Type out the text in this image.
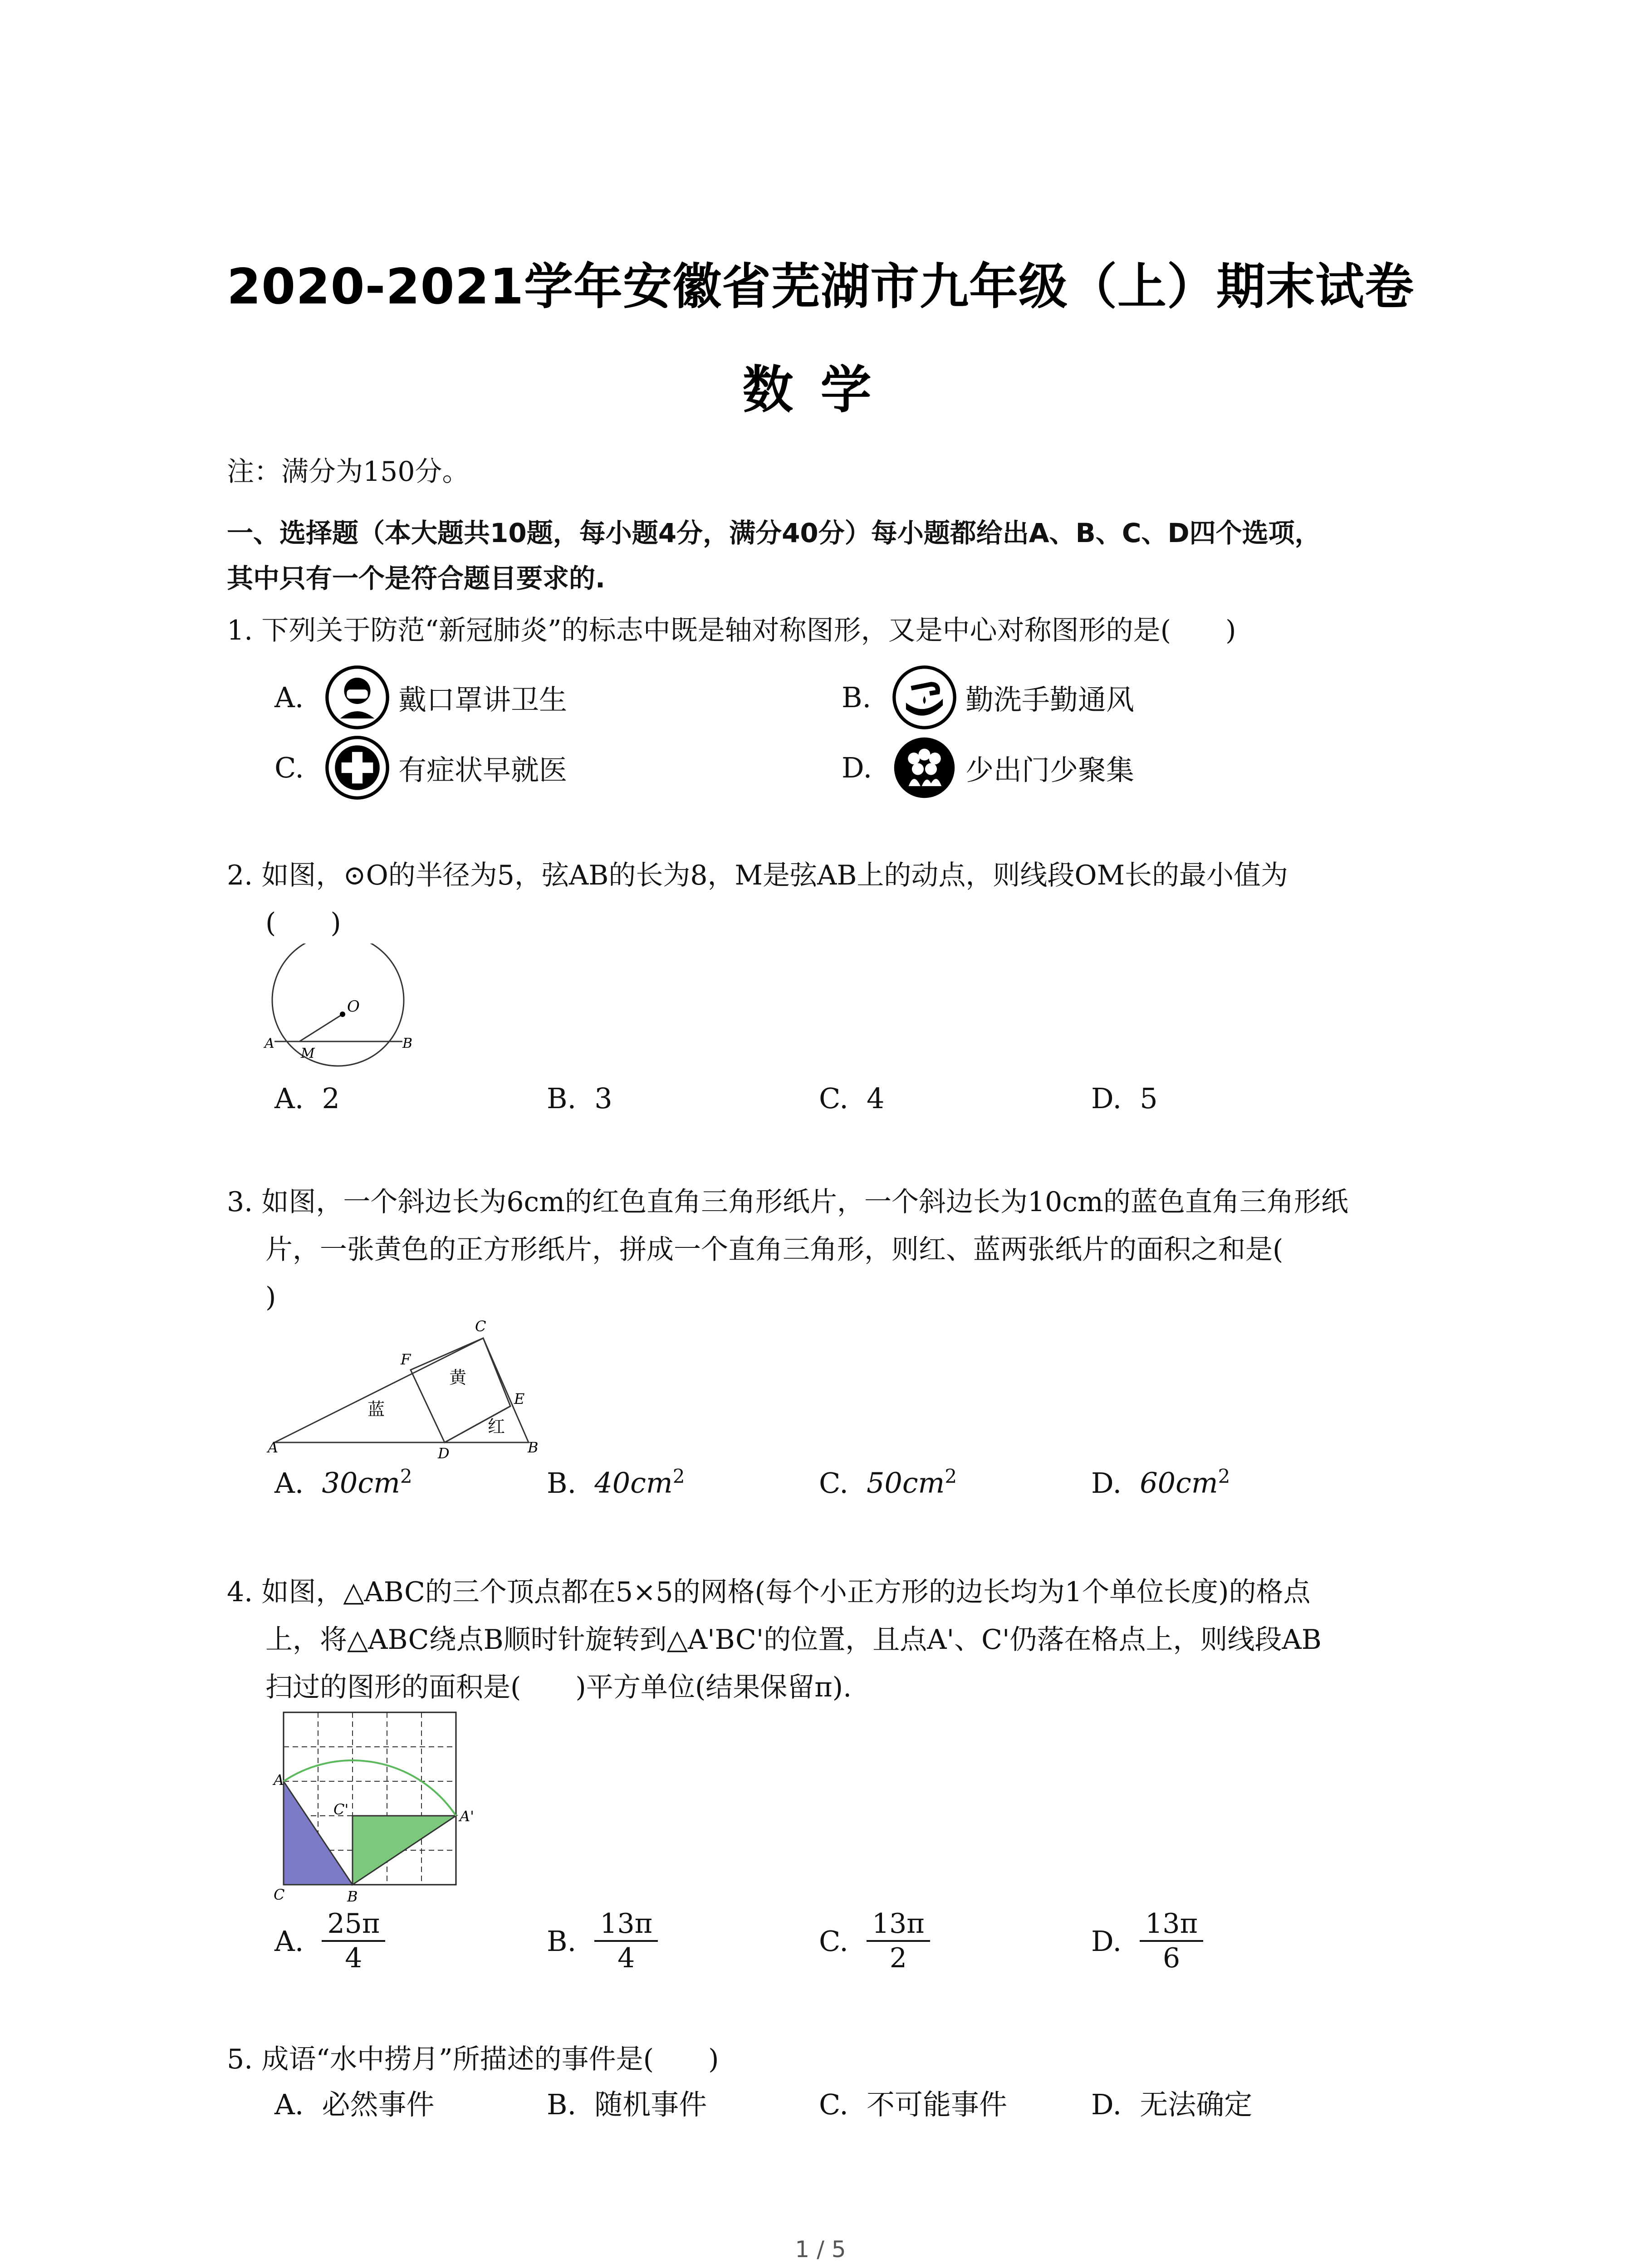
2020-2021学年安徽省芜湖市九年级（上）期末试卷
数学
注：满分为150分。
一、选择题（本大题共10题，每小题4分，满分40分）每小题都给出A、B、C、D四个选项，
其中只有一个是符合题目要求的.
1. 下列关于防范“新冠肺炎”的标志中既是轴对称图形，又是中心对称图形的是(　　)
A.	戴口罩讲卫生	B.	勤洗手勤通风
C.	有症状早就医	D.	少出门少聚集
2. 如图，⊙O的半径为5，弦AB的长为8，M是弦AB上的动点，则线段OM长的最小值为
(　　)
O
A	B
M
A. 2	B. 3	C. 4	D. 5
3. 如图，一个斜边长为6cm的红色直角三角形纸片，一个斜边长为10cm的蓝色直角三角形纸
片，一张黄色的正方形纸片，拼成一个直角三角形，则红、蓝两张纸片的面积之和是(
)
A	B
C
D
E
F
蓝
黄
红
A. $30cm^2$	B. $40cm^2$	C. $50cm^2$	D. $60cm^2$
4. 如图，△ABC的三个顶点都在5×5的网格(每个小正方形的边长均为1个单位长度)的格点
上，将△ABC绕点B顺时针旋转到△A'BC'的位置，且点A'、C'仍落在格点上，则线段AB
扫过的图形的面积是(　　)平方单位(结果保留π).
A
C	B
C'	A'
A. $\frac{25\pi}{4}$	B. $\frac{13\pi}{4}$	C. $\frac{13\pi}{2}$	D. $\frac{13\pi}{6}$
5. 成语“水中捞月”所描述的事件是(　　)
A. 必然事件	B. 随机事件	C. 不可能事件	D. 无法确定
1 / 5
